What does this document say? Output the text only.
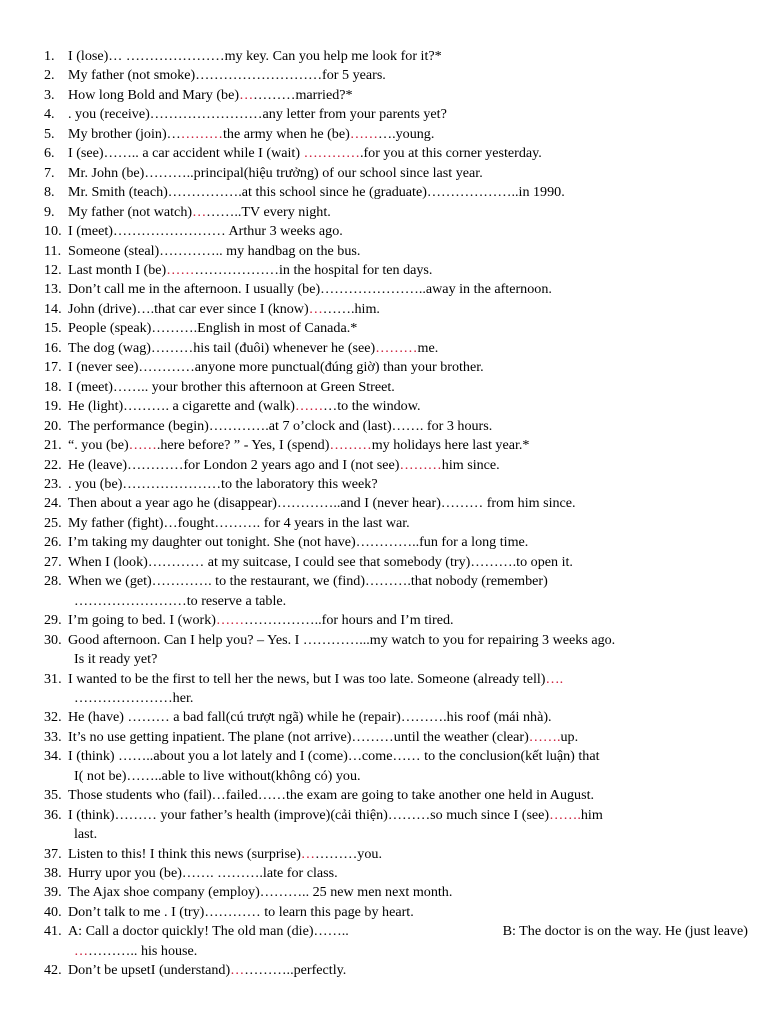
1. I (lose)… …………………my key. Can you help me look for it?*
2. My father (not smoke)………………………for 5 years.
3. How long Bold and Mary (be)…………married?*
4. . you (receive)……………………any letter from your parents yet?
5. My brother (join)…………the army when he (be)……….young.
6. I (see)…….. a car accident while I (wait) ………….for you at this corner yesterday.
7. Mr. John (be)………..principal(hiệu trưởng) of our school since last year.
8. Mr. Smith (teach)…………….at this school since he (graduate)………………..in 1990.
9. My father (not watch)………..TV every night.
10. I (meet)…………………… Arthur 3 weeks ago.
11. Someone (steal)………….. my handbag on the bus.
12. Last month I (be)……………………in the hospital for ten days.
13. Don’t call me in the afternoon. I usually (be)…………………..away in the afternoon.
14. John (drive)….that car ever since I (know)……….him.
15. People (speak)……….English in most of Canada.*
16. The dog (wag)………his tail (đuôi) whenever he (see)………me.
17. I (never see)…………anyone more punctual(đúng giờ) than your brother.
18. I (meet)…….. your brother this afternoon at Green Street.
19. He (light)………. a cigarette and (walk)………to the window.
20. The performance (begin)………….at 7 o’clock and (last)……. for 3 hours.
21. “. you (be)…….here before? ” - Yes, I (spend)………my holidays here last year.*
22. He (leave)…………for London 2 years ago and I (not see)………him since.
23. . you (be)…………………to the laboratory this week?
24. Then about a year ago he (disappear)…………..and I (never hear)……… from him since.
25. My father (fight)…fought………. for 4 years in the last war.
26. I’m taking my daughter out tonight. She (not have)…………..fun for a long time.
27. When I (look)………… at my suitcase, I could see that somebody (try)……….to open it.
28. When we (get)…………. to the restaurant, we (find)……….that nobody (remember)
……………………to reserve a table.
29. I’m going to bed. I (work)…………………..for hours and I’m tired.
30. Good afternoon. Can I help you? – Yes. I …………...my watch to you for repairing 3 weeks ago.
Is it ready yet?
31. I wanted to be the first to tell her the news, but I was too late. Someone (already tell)….
…………………her.
32. He (have) ……… a bad fall(cú trượt ngã) while he (repair)……….his roof (mái nhà).
33. It’s no use getting inpatient. The plane (not arrive)………until the weather (clear)…….up.
34. I (think) ……..about you a lot lately and I (come)…come…… to the conclusion(kết luận) that
I( not be)……..able to live without(không có) you.
35. Those students who (fail)…failed……the exam are going to take another one held in August.
36. I (think)……… your father’s health (improve)(cải thiện)………so much since I (see)…….him
last.
37. Listen to this! I think this news (surprise)…………you.
38. Hurry upor you (be)……. ……….late for class.
39. The Ajax shoe company (employ)……….. 25 new men next month.
40. Don’t talk to me . I (try)………… to learn this page by heart.
41. A: Call a doctor quickly! The old man (die)……..	B: The doctor is on the way. He (just leave)
………….. his house.
42. Don’t be upsetI (understand)…………..perfectly.
